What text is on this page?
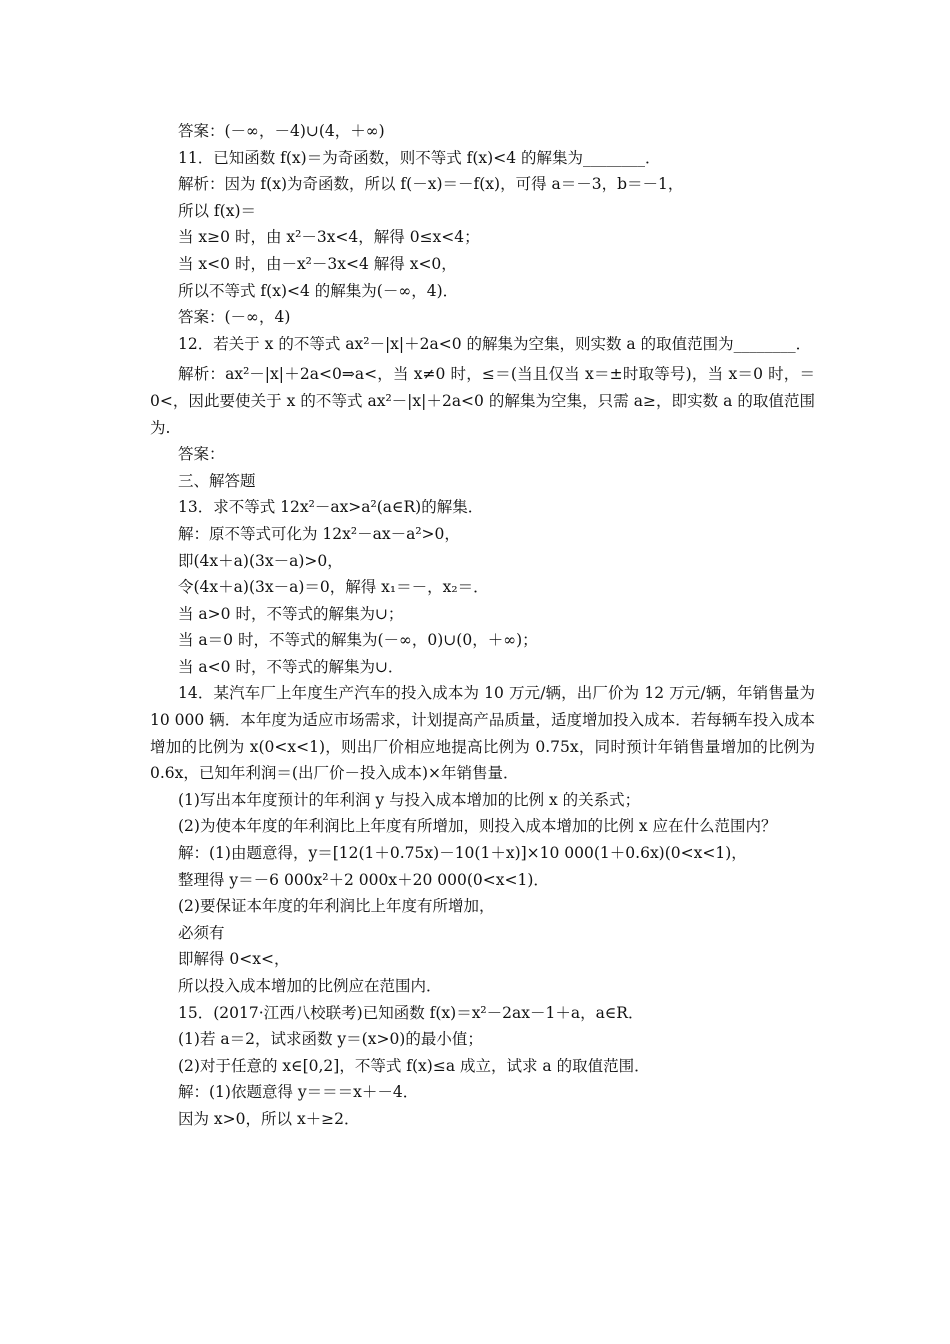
答案：(－∞，－4)∪(4，＋∞)
11．已知函数 f(x)＝为奇函数，则不等式 f(x)<4 的解集为________．
解析：因为 f(x)为奇函数，所以 f(－x)＝－f(x)，可得 a＝－3，b＝－1，
所以 f(x)＝
当 x≥0 时，由 x²－3x<4，解得 0≤x<4；
当 x<0 时，由－x²－3x<4 解得 x<0，
所以不等式 f(x)<4 的解集为(－∞，4)．
答案：(－∞，4)
12．若关于 x 的不等式 ax²－|x|＋2a<0 的解集为空集，则实数 a 的取值范围为________．
解析：ax²－|x|＋2a<0⇒a<，当 x≠0 时，≤＝(当且仅当 x＝±时取等号)，当 x＝0 时，＝0<，因此要使关于 x 的不等式 ax²－|x|＋2a<0 的解集为空集，只需 a≥，即实数 a 的取值范围为.
答案：
三、解答题
13．求不等式 12x²－ax>a²(a∈R)的解集．
解：原不等式可化为 12x²－ax－a²>0，
即(4x＋a)(3x－a)>0，
令(4x＋a)(3x－a)＝0，解得 x₁＝－，x₂＝．
当 a>0 时，不等式的解集为∪；
当 a＝0 时，不等式的解集为(－∞，0)∪(0，＋∞)；
当 a<0 时，不等式的解集为∪．
14．某汽车厂上年度生产汽车的投入成本为 10 万元/辆，出厂价为 12 万元/辆，年销售量为 10 000 辆．本年度为适应市场需求，计划提高产品质量，适度增加投入成本．若每辆车投入成本增加的比例为 x(0<x<1)，则出厂价相应地提高比例为 0.75x，同时预计年销售量增加的比例为 0.6x，已知年利润＝(出厂价－投入成本)×年销售量．
(1)写出本年度预计的年利润 y 与投入成本增加的比例 x 的关系式；
(2)为使本年度的年利润比上年度有所增加，则投入成本增加的比例 x 应在什么范围内？
解：(1)由题意得，y＝[12(1＋0.75x)－10(1＋x)]×10 000(1＋0.6x)(0<x<1)，
整理得 y＝－6 000x²＋2 000x＋20 000(0<x<1)．
(2)要保证本年度的年利润比上年度有所增加，
必须有
即解得 0<x<，
所以投入成本增加的比例应在范围内．
15．(2017·江西八校联考)已知函数 f(x)＝x²－2ax－1＋a，a∈R．
(1)若 a＝2，试求函数 y＝(x>0)的最小值；
(2)对于任意的 x∈[0,2]，不等式 f(x)≤a 成立，试求 a 的取值范围．
解：(1)依题意得 y＝＝＝x＋－4．
因为 x>0，所以 x＋≥2．
